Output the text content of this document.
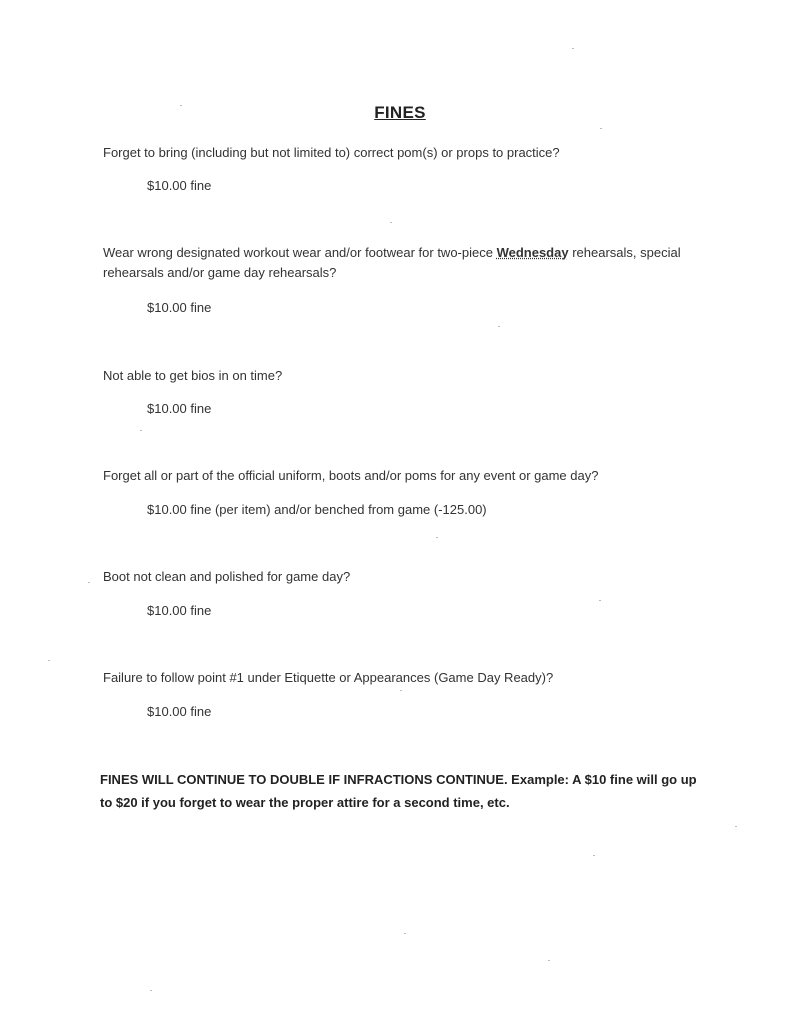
FINES
Forget to bring (including but not limited to) correct pom(s) or props to practice?
$10.00 fine
Wear wrong designated workout wear and/or footwear for two-piece Wednesday rehearsals, special rehearsals and/or game day rehearsals?
$10.00 fine
Not able to get bios in on time?
$10.00 fine
Forget all or part of the official uniform, boots and/or poms for any event or game day?
$10.00 fine (per item) and/or benched from game (-125.00)
Boot not clean and polished for game day?
$10.00 fine
Failure to follow point #1 under Etiquette or Appearances (Game Day Ready)?
$10.00 fine
FINES WILL CONTINUE TO DOUBLE IF INFRACTIONS CONTINUE. Example: A $10 fine will go up to $20 if you forget to wear the proper attire for a second time, etc.
